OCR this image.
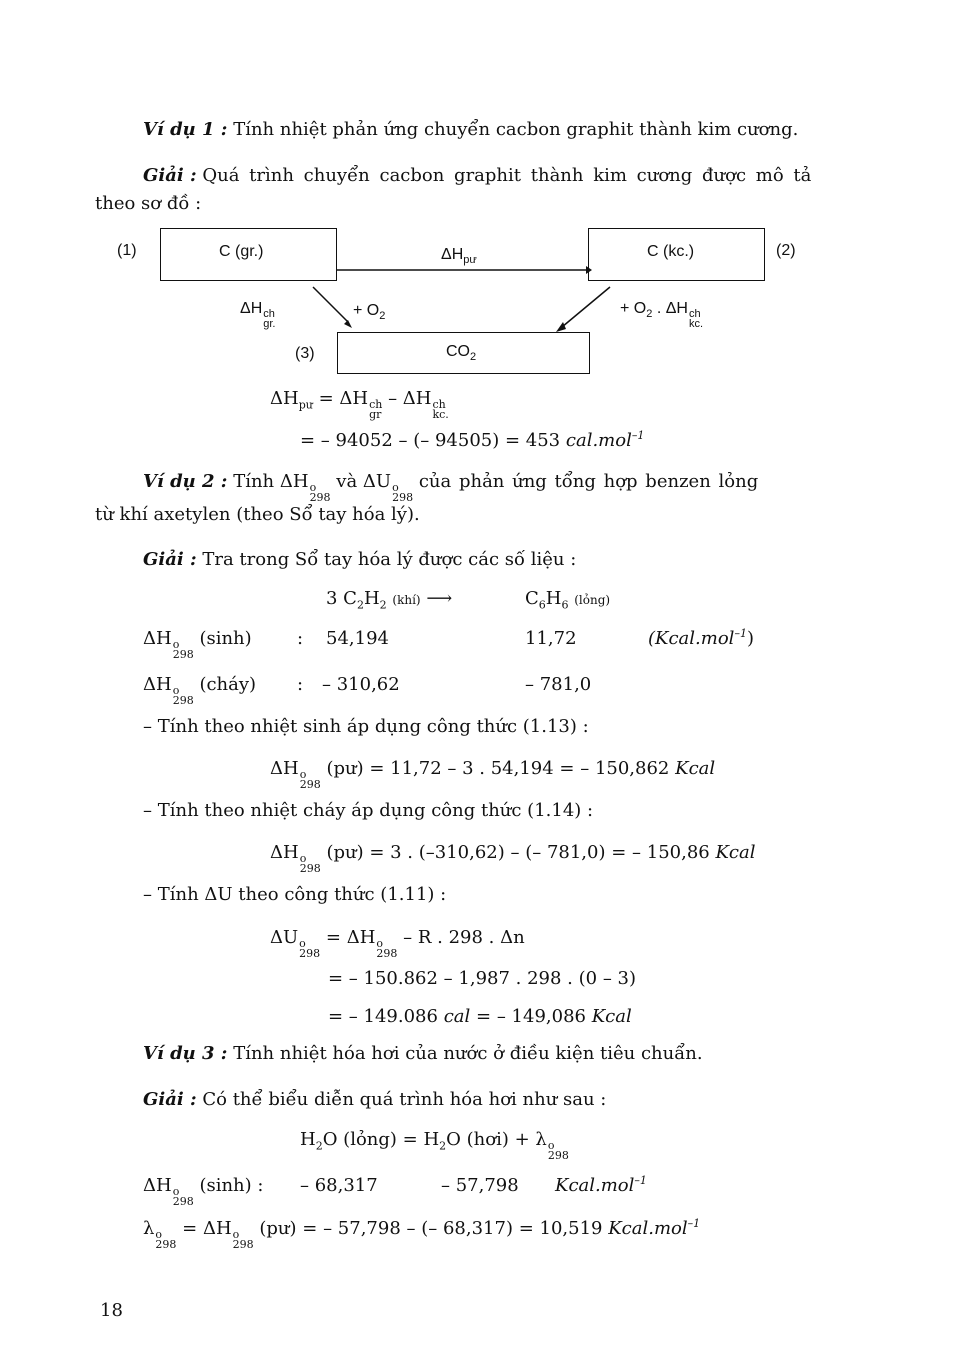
Ví dụ 1 : Tính nhiệt phản ứng chuyển cacbon graphit thành kim cương.
Giải : Quá trình chuyển cacbon graphit thành kim cương được mô tả
theo sơ đồ :
(1)	C (gr.)	$\Delta H_{pư}$
C (kc.)	(2)
ΔH ch
gr.
+ $O_2$	+ $O_2$ . ΔH ch
kc.
(3)	$CO_2$
$\Delta H_{pư} = \Delta H$ ch
gr
– ΔH ch
kc.
= – 94052 – (– 94505) = 453 cal.mol$^{-1}$
Ví dụ 2 : Tính ΔH o
298
và ΔU o
298
của phản ứng tổng hợp benzen lỏng
từ khí axetylen (theo Sổ tay hóa lý).
Giải : Tra trong Sổ tay hóa lý được các số liệu :
3 $C_2H_2$ (khí) ⟶	$C_6H_6$ (lỏng)
ΔH o
298
(sinh)	: 54,194	11,72	(Kcal.mol$^{-1}$)
ΔH o
298
(cháy) : – 310,62	– 781,0
– Tính theo nhiệt sinh áp dụng công thức (1.13) :
ΔH o
298
(pư) = 11,72 – 3 . 54,194 = – 150,862 Kcal
– Tính theo nhiệt cháy áp dụng công thức (1.14) :
ΔH o
298
(pư) = 3 . (–310,62) – (– 781,0) = – 150,86 Kcal
– Tính ΔU theo công thức (1.11) :
ΔU o
298
= ΔH o
298
– R . 298 . Δn
= – 150.862 – 1,987 . 298 . (0 – 3)
= – 149.086 cal = – 149,086 Kcal
Ví dụ 3 : Tính nhiệt hóa hơi của nước ở điều kiện tiêu chuẩn.
Giải : Có thể biểu diễn quá trình hóa hơi như sau :
$H_2O$ (lỏng) = $H_2O$ (hơi) + λ o
298
ΔH o
298
(sinh) : – 68,317	– 57,798 Kcal.mol$^{-1}$
λ o
298
= ΔH o
298
(pư) = – 57,798 – (– 68,317) = 10,519 Kcal.mol$^{-1}$
18
